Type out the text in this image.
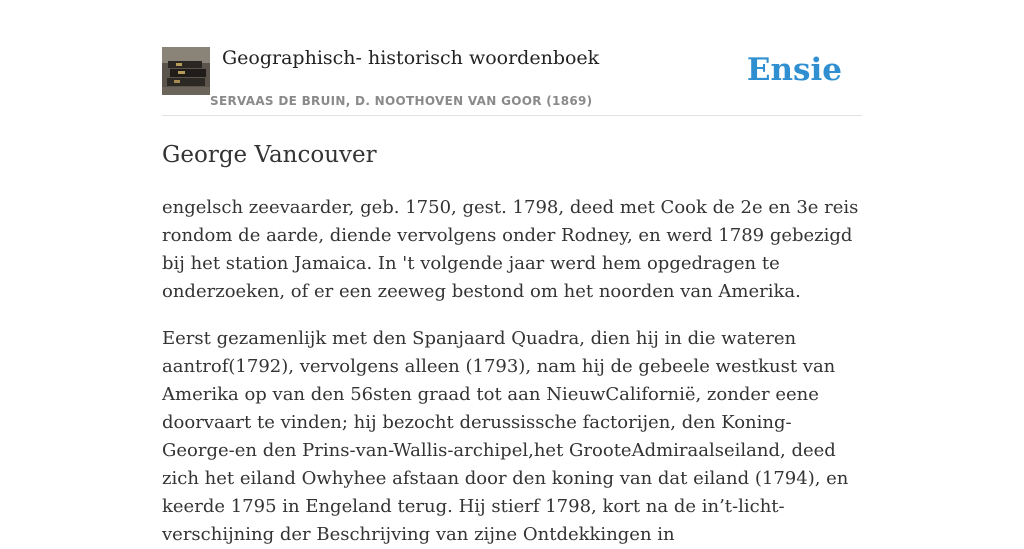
Geographisch- historisch woordenboek
SERVAAS DE BRUIN, D. NOOTHOVEN VAN GOOR (1869)
Ensie
George Vancouver

engelsch zeevaarder, geb. 1750, gest. 1798, deed met Cook de 2e en 3e reis rondom de aarde, diende vervolgens onder Rodney, en werd 1789 gebezigd bij het station Jamaica. In 't volgende jaar werd hem opgedragen te onderzoeken, of er een zeeweg bestond om het noorden van Amerika.

Eerst gezamenlijk met den Spanjaard Quadra, dien hij in die wateren aantrof(1792), vervolgens alleen (1793), nam hij de gebeele westkust van Amerika op van den 56sten graad tot aan NieuwCalifornië, zonder eene doorvaart te vinden; hij bezocht derussissche factorijen, den Koning-George-en den Prins-van-Wallis-archipel,het GrooteAdmiraalseiland, deed zich het eiland Owhyhee afstaan door den koning van dat eiland (1794), en keerde 1795 in Engeland terug. Hij stierf 1798, kort na de in’t-licht-verschijning der Beschrijving van zijne Ontdekkingen in
